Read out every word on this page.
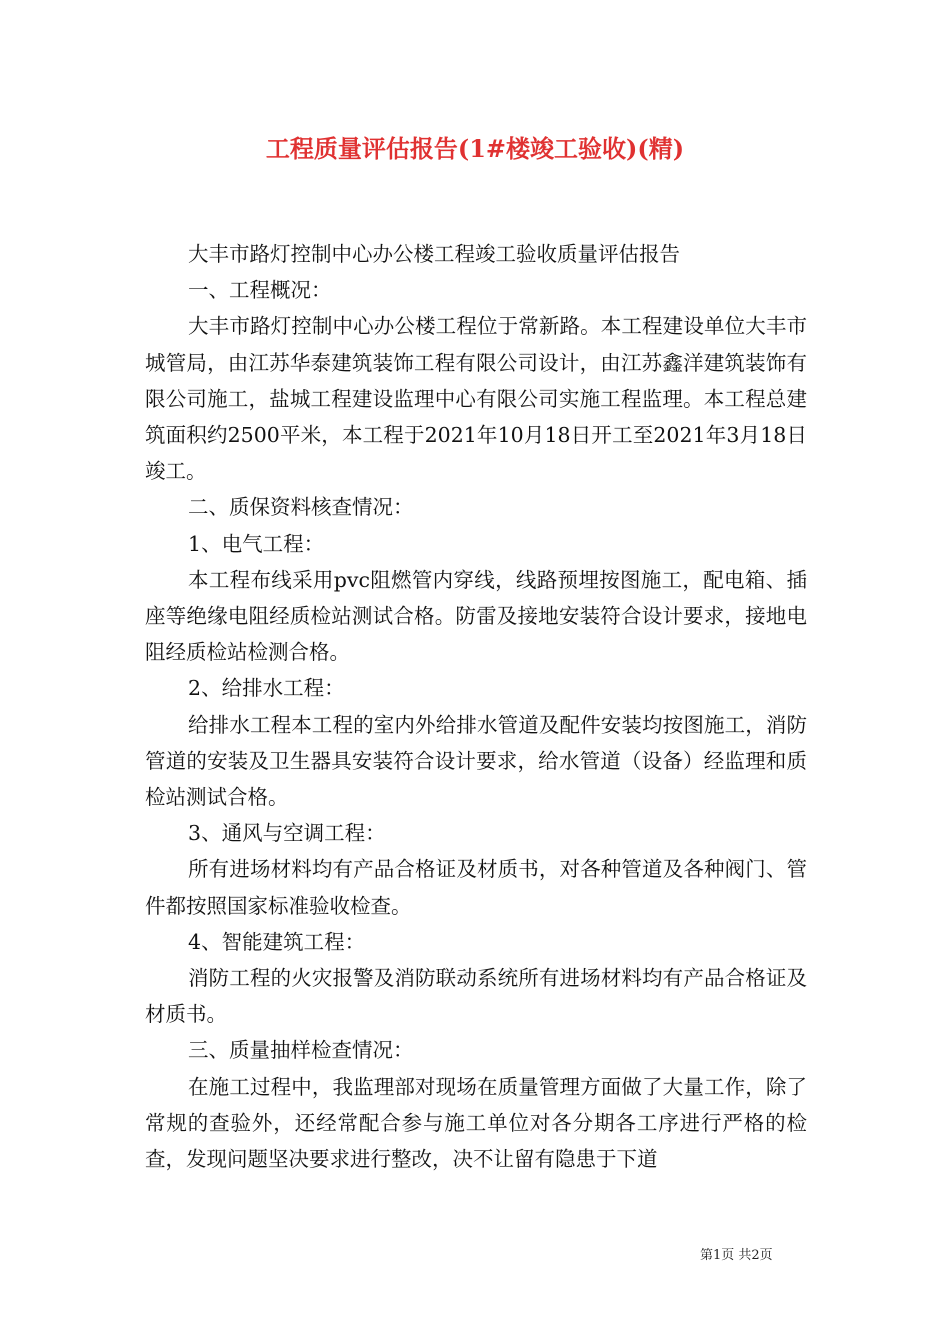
工程质量评估报告(1#楼竣工验收)(精)

大丰市路灯控制中心办公楼工程竣工验收质量评估报告

一、工程概况：

大丰市路灯控制中心办公楼工程位于常新路。本工程建设单位大丰市城管局，由江苏华泰建筑装饰工程有限公司设计，由江苏鑫洋建筑装饰有限公司施工，盐城工程建设监理中心有限公司实施工程监理。本工程总建筑面积约2500平米，本工程于2021年10月18日开工至2021年3月18日竣工。

二、质保资料核查情况：

1、电气工程：

本工程布线采用pvc阻燃管内穿线，线路预埋按图施工，配电箱、插座等绝缘电阻经质检站测试合格。防雷及接地安装符合设计要求，接地电阻经质检站检测合格。

2、给排水工程：

给排水工程本工程的室内外给排水管道及配件安装均按图施工，消防管道的安装及卫生器具安装符合设计要求，给水管道（设备）经监理和质检站测试合格。

3、通风与空调工程：

所有进场材料均有产品合格证及材质书，对各种管道及各种阀门、管件都按照国家标准验收检查。

4、智能建筑工程：

消防工程的火灾报警及消防联动系统所有进场材料均有产品合格证及材质书。

三、质量抽样检查情况：

在施工过程中，我监理部对现场在质量管理方面做了大量工作，除了常规的查验外，还经常配合参与施工单位对各分期各工序进行严格的检查，发现问题坚决要求进行整改，决不让留有隐患于下道

第1页 共2页
